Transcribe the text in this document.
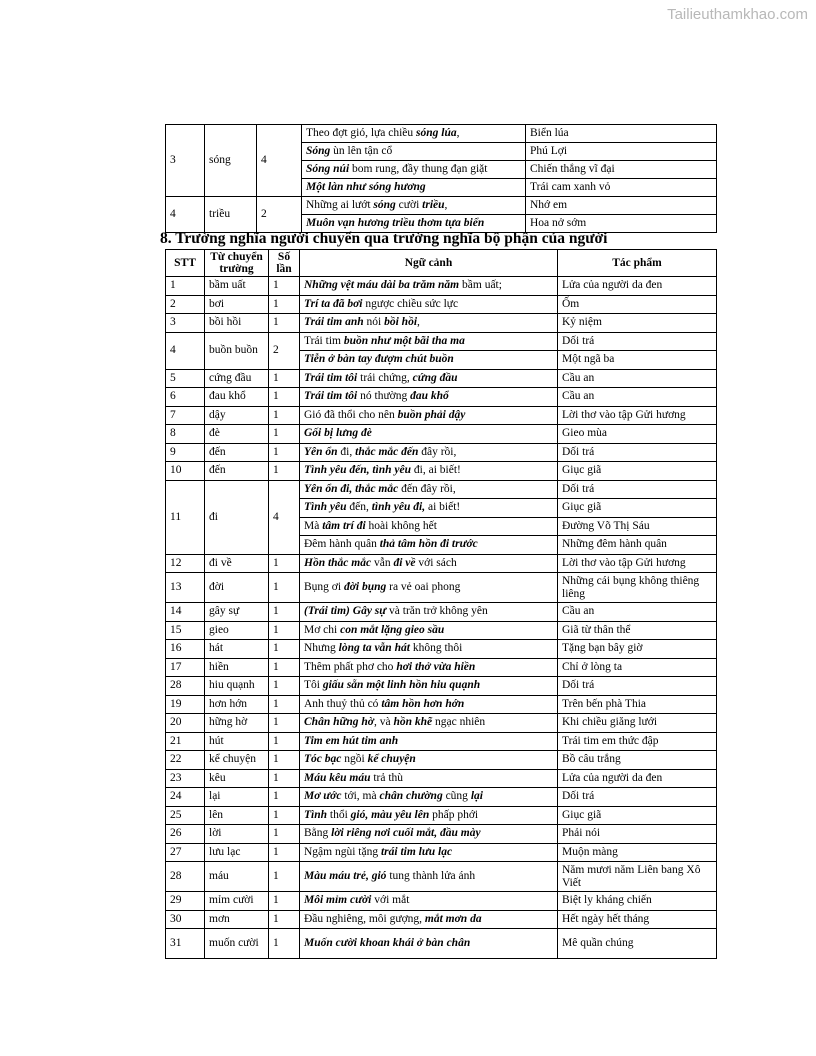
Tailieuthamkhao.com
3	sóng	4	Theo đợt gió, lựa chiều sóng lúa,	Biển lúa
			Sóng ùn lên tận cổ	Phú Lợi
			Sóng núi bom rung, đầy thung đạn giặt	Chiến thắng vĩ đại
			Một làn như sóng hương	Trái cam xanh vỏ
4	triều	2	Những ai lướt sóng cười triều,	Nhớ em
			Muôn vạn hương triều thơm tựa biển	Hoa nở sớm
8. Trường nghĩa người chuyển qua trường nghĩa bộ phận của người
STT	Từ chuyển trường	Số lần	Ngữ cảnh	Tác phẩm
1	bầm uất	1	Những vệt máu dài ba trăm năm bầm uất;	Lửa của người da đen
2	bơi	1	Trí ta đã bơi ngược chiều sức lực	Ốm
3	bồi hồi	1	Trái tim anh nói bồi hồi,	Kỷ niệm
4	buồn buồn	2	Trái tim buồn như một bãi tha ma	Dối trá
			Tiễn ở bàn tay đượm chút buồn	Một ngã ba
5	cứng đầu	1	Trái tim tôi trái chứng, cứng đầu	Cầu an
6	đau khổ	1	Trái tim tôi nó thường đau khổ	Cầu an
7	dậy	1	Gió đã thổi cho nên buồn phải dậy	Lời thơ vào tập Gửi hương
8	đè	1	Gối bị lưng đè	Gieo mùa
9	đến	1	Yên ổn đi, thắc mắc đến đây rồi,	Dối trá
10	đến	1	Tình yêu đến, tình yêu đi, ai biết!	Giục giã
11	đi	4	Yên ổn đi, thắc mắc đến đây rồi,	Dối trá
			Tình yêu đến, tình yêu đi, ai biết!	Giục giã
			Mà tâm trí đi hoài không hết	Đường Võ Thị Sáu
			Đêm hành quân thả tâm hồn đi trước	Những đêm hành quân
12	đi về	1	Hồn thắc mắc vẫn đi về với sách	Lời thơ vào tập Gửi hương
13	đời	1	Bụng ơi đời bụng ra vẻ oai phong	Những cái bụng không thiêng liêng
14	gây sự	1	(Trái tim) Gây sự và trăn trở không yên	Cầu an
15	gieo	1	Mơ chi con mắt lặng gieo sầu	Giã từ thân thể
16	hát	1	Nhưng lòng ta vẫn hát không thôi	Tặng bạn bây giờ
17	hiền	1	Thêm phất phơ cho hơi thở vừa hiền	Chỉ ở lòng ta
28	hiu quạnh	1	Tôi giấu sẵn một linh hồn hiu quạnh	Dối trá
19	hơn hớn	1	Anh thuỷ thủ có tâm hồn hơn hớn	Trên bến phà Thia
20	hững hờ	1	Chân hững hờ, và hồn khẽ ngạc nhiên	Khi chiều giăng lưới
21	hút	1	Tim em hút tim anh	Trái tim em thức đập
22	kể chuyện	1	Tóc bạc ngồi kể chuyện	Bồ câu trắng
23	kêu	1	Máu kêu máu trả thù	Lửa của người da đen
24	lại	1	Mơ ước tới, mà chân chường cũng lại	Dối trá
25	lên	1	Tình thổi gió, màu yêu lên phấp phới	Giục giã
26	lời	1	Bằng lời riêng nơi cuối mắt, đầu mày	Phải nói
27	lưu lạc	1	Ngậm ngùi tặng trái tim lưu lạc	Muộn màng
28	máu	1	Màu máu trẻ, gió tung thành lửa ánh	Năm mươi năm Liên bang Xô Viết
29	mỉm cười	1	Môi mỉm cười với mắt	Biệt ly kháng chiến
30	mơn	1	Đầu nghiêng, môi gượng, mắt mơn da	Hết ngày hết tháng
31	muốn cười	1	Muốn cười khoan khái ở bàn chân	Mê quần chúng
